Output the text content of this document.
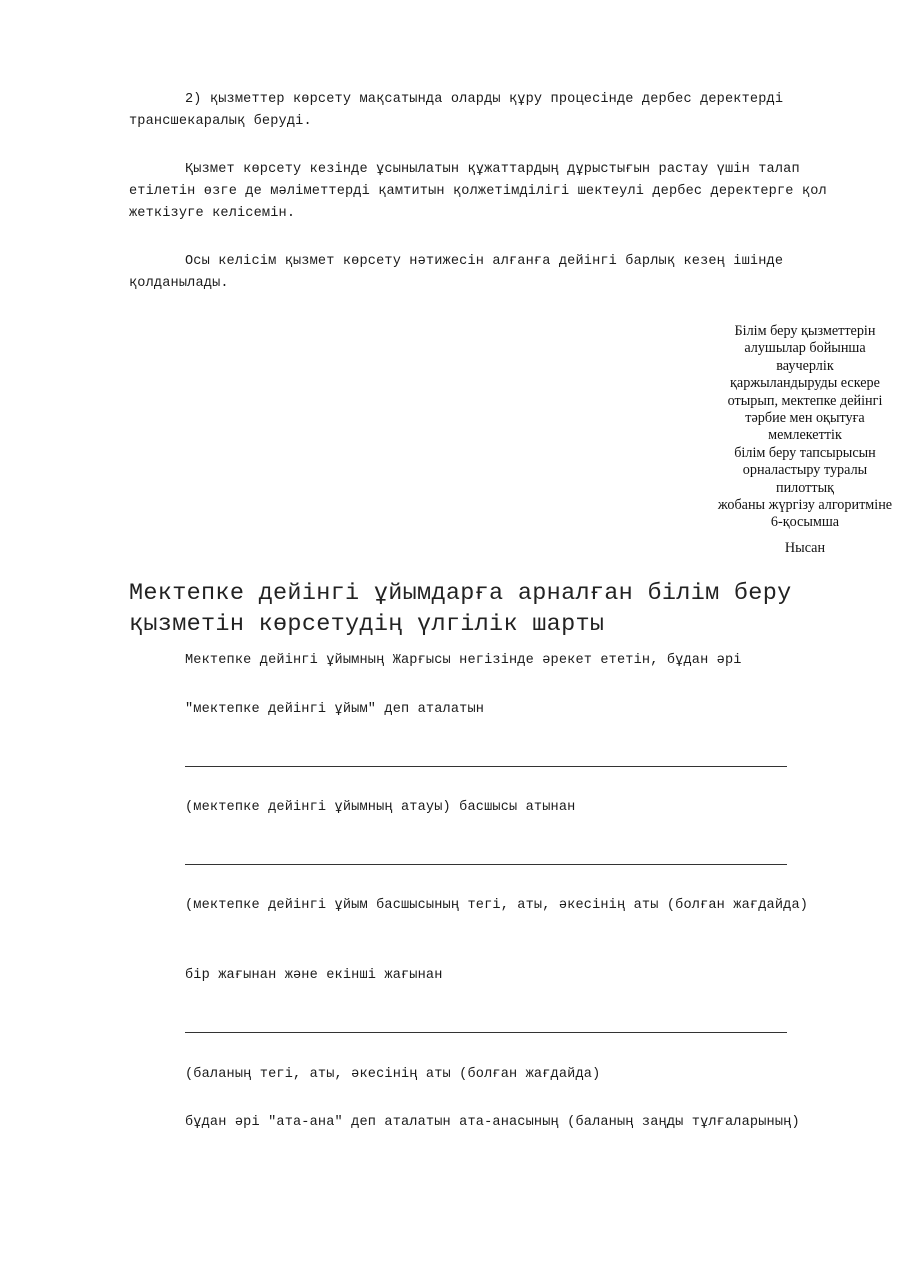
2) қызметтер көрсету мақсатында оларды құру процесінде дербес деректерді трансшекаралық беруді.

Қызмет көрсету кезінде ұсынылатын құжаттардың дұрыстығын растау үшін талап етілетін өзге де мәліметтерді қамтитын қолжетімділігі шектеулі дербес деректерге қол жеткізуге келісемін.

Осы келісім қызмет көрсету нәтижесін алғанға дейінгі барлық кезең ішінде қолданылады.

Білім беру қызметтерін
алушылар бойынша
ваучерлік
қаржыландыруды ескере
отырып, мектепке дейінгі
тәрбие мен оқытуға
мемлекеттік
білім беру тапсырысын
орналастыру туралы
пилоттық
жобаны жүргізу алгоритміне
6-қосымша
Нысан
Мектепке дейінгі ұйымдарға арналған білім беру қызметін көрсетудің үлгілік шарты

Мектепке дейінгі ұйымның Жарғысы негізінде әрекет ететін, бұдан әрі

"мектепке дейінгі ұйым" деп аталатын

(мектепке дейінгі ұйымның атауы) басшысы атынан

(мектепке дейінгі ұйым басшысының тегі, аты, әкесінің аты (болған жағдайда)

бір жағынан және екінші жағынан

(баланың тегі, аты, әкесінің аты (болған жағдайда)

бұдан әрі "ата-ана" деп аталатын ата-анасының (баланың заңды тұлғаларының)
